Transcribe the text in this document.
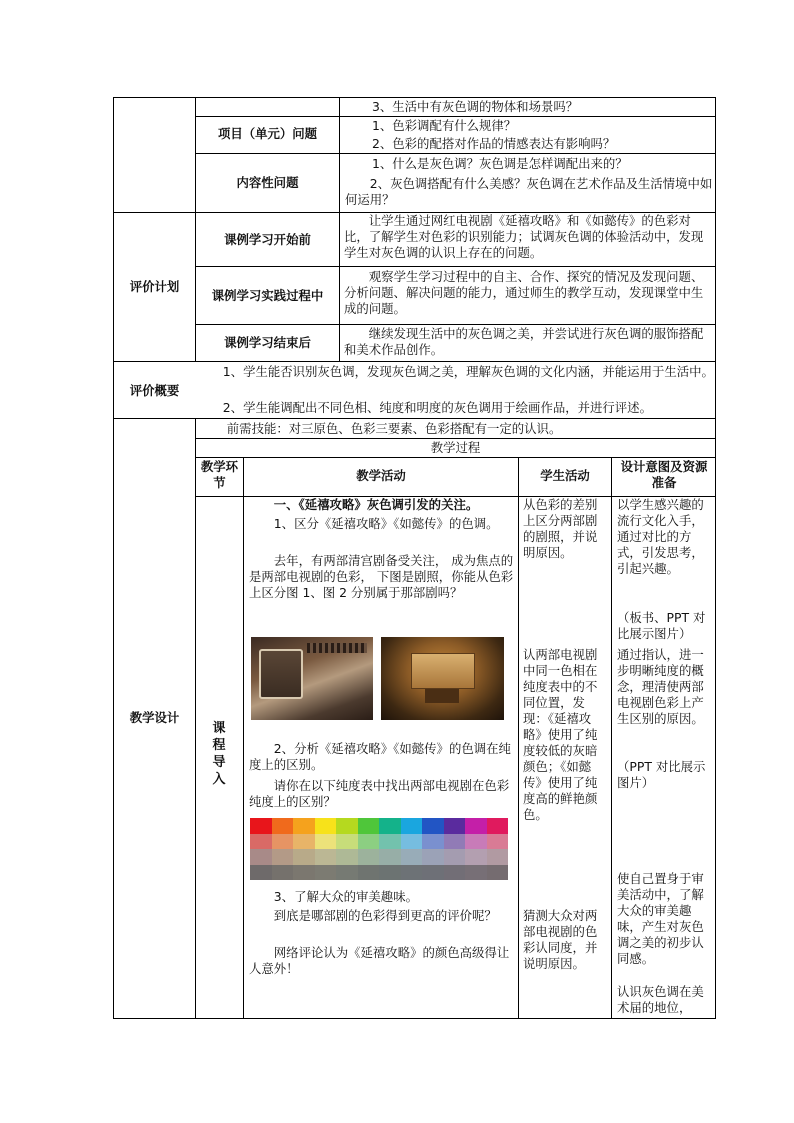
3、生活中有灰色调的物体和场景吗？
项目（单元）问题
1、色彩调配有什么规律？
2、色彩的配搭对作品的情感表达有影响吗？
内容性问题
1、什么是灰色调？灰色调是怎样调配出来的？
2、灰色调搭配有什么美感？灰色调在艺术作品及生活情境中如何运用？
评价计划
课例学习开始前
让学生通过网红电视剧《延禧攻略》和《如懿传》的色彩对比，了解学生对色彩的识别能力；试调灰色调的体验活动中，发现学生对灰色调的认识上存在的问题。
课例学习实践过程中
观察学生学习过程中的自主、合作、探究的情况及发现问题、分析问题、解决问题的能力，通过师生的教学互动，发现课堂中生成的问题。
课例学习结束后
继续发现生活中的灰色调之美，并尝试进行灰色调的服饰搭配和美术作品创作。
评价概要
1、学生能否识别灰色调，发现灰色调之美，理解灰色调的文化内涵，并能运用于生活中。
2、学生能调配出不同色相、纯度和明度的灰色调用于绘画作品，并进行评述。
教学设计
前需技能：对三原色、色彩三要素、色彩搭配有一定的认识。
教学过程
教学环节	教学活动	学生活动
设计意图及资源准备
课程导入
一、《延禧攻略》灰色调引发的关注。
1、区分《延禧攻略》《如懿传》的色调。
去年，有两部清宫剧备受关注， 成为焦点的是两部电视剧的色彩， 下图是剧照，你能从色彩上区分图 1、图 2 分别属于那部剧吗？
2、分析《延禧攻略》《如懿传》的色调在纯度上的区别。
请你在以下纯度表中找出两部电视剧在色彩纯度上的区别？
3、了解大众的审美趣味。
到底是哪部剧的色彩得到更高的评价呢？
网络评论认为《延禧攻略》的颜色高级得让人意外！
从色彩的差别上区分两部剧的剧照，并说明原因。
认两部电视剧中同一色相在纯度表中的不同位置，发现：《延禧攻略》使用了纯度较低的灰暗颜色；《如懿传》使用了纯度高的鲜艳颜色。
猜测大众对两部电视剧的色彩认同度，并说明原因。
以学生感兴趣的流行文化入手，通过对比的方式，引发思考，引起兴趣。
（板书、PPT 对比展示图片）
通过指认，进一步明晰纯度的概念，理清使两部电视剧色彩上产生区别的原因。
（PPT 对比展示图片）
使自己置身于审美活动中，了解大众的审美趣味，产生对灰色调之美的初步认同感。
认识灰色调在美术届的地位，
